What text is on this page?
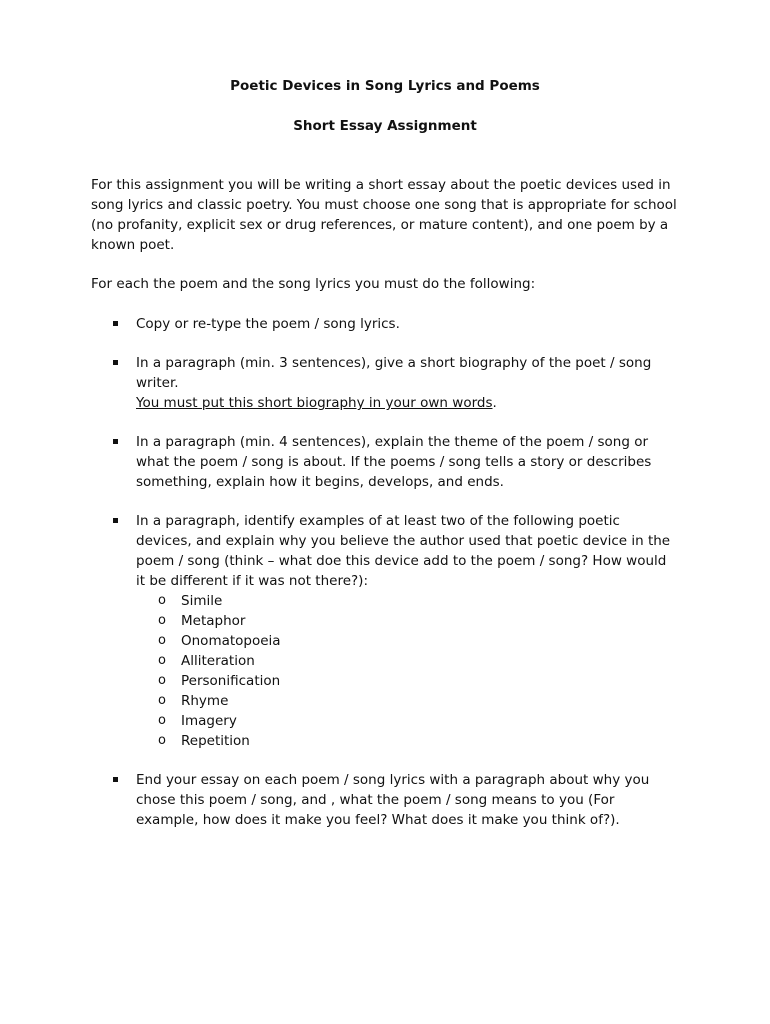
Poetic Devices in Song Lyrics and Poems
Short Essay Assignment

For this assignment you will be writing a short essay about the poetic devices used in song lyrics and classic poetry. You must choose one song that is appropriate for school (no profanity, explicit sex or drug references, or mature content), and one poem by a known poet.

For each the poem and the song lyrics you must do the following:

Copy or re-type the poem / song lyrics.
In a paragraph (min. 3 sentences), give a short biography of the poet / song writer.
You must put this short biography in your own words.
In a paragraph (min. 4 sentences), explain the theme of the poem / song or what the poem / song is about. If the poems / song tells a story or describes something, explain how it begins, develops, and ends.
In a paragraph, identify examples of at least two of the following poetic devices, and explain why you believe the author used that poetic device in the poem / song (think – what doe this device add to the poem / song? How would it be different if it was not there?):
o Simile
o Metaphor
o Onomatopoeia
o Alliteration
o Personification
o Rhyme
o Imagery
o Repetition
End your essay on each poem / song lyrics with a paragraph about why you chose this poem / song, and , what the poem / song means to you (For example, how does it make you feel? What does it make you think of?).
